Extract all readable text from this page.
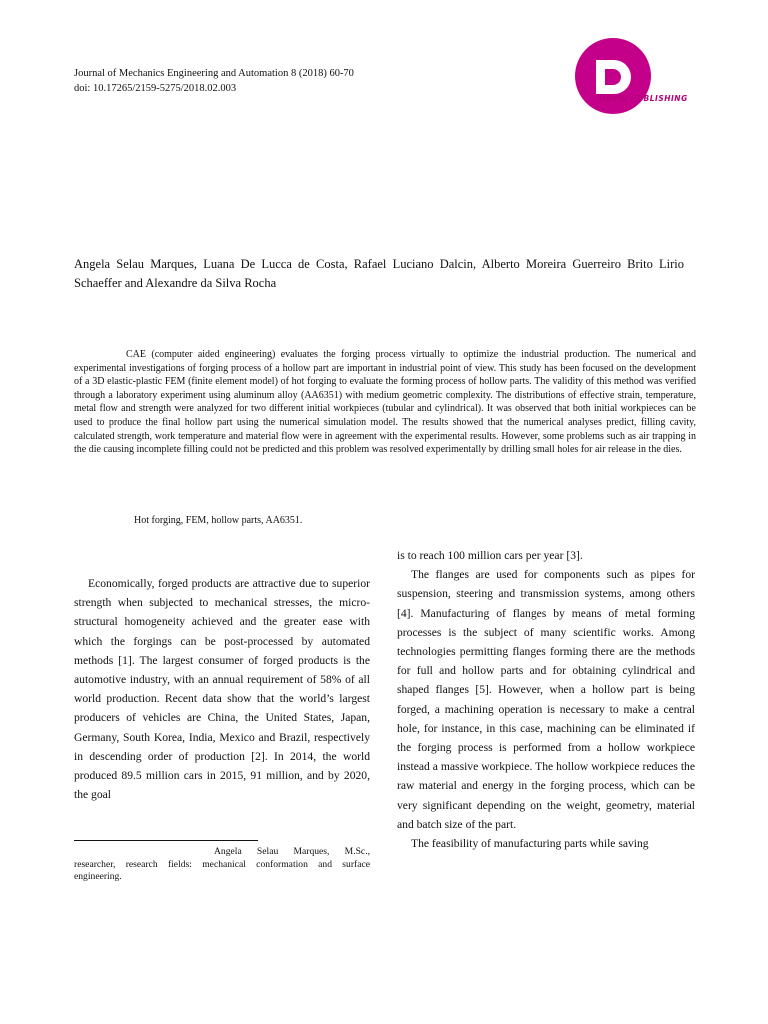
Journal of Mechanics Engineering and Automation 8 (2018) 60-70
doi: 10.17265/2159-5275/2018.02.003
DAVID PUBLISHING
Angela Selau Marques, Luana De Lucca de Costa, Rafael Luciano Dalcin, Alberto Moreira Guerreiro Brito Lirio Schaeffer and Alexandre da Silva Rocha
CAE (computer aided engineering) evaluates the forging process virtually to optimize the industrial production. The numerical and experimental investigations of forging process of a hollow part are important in industrial point of view. This study has been focused on the development of a 3D elastic-plastic FEM (finite element model) of hot forging to evaluate the forming process of hollow parts. The validity of this method was verified through a laboratory experiment using aluminum alloy (AA6351) with medium geometric complexity. The distributions of effective strain, temperature, metal flow and strength were analyzed for two different initial workpieces (tubular and cylindrical). It was observed that both initial workpieces can be used to produce the final hollow part using the numerical simulation model. The results showed that the numerical analyses predict, filling cavity, calculated strength, work temperature and material flow were in agreement with the experimental results. However, some problems such as air trapping in the die causing incomplete filling could not be predicted and this problem was resolved experimentally by drilling small holes for air release in the dies.
Hot forging, FEM, hollow parts, AA6351.
Economically, forged products are attractive due to superior strength when subjected to mechanical stresses, the micro-structural homogeneity achieved and the greater ease with which the forgings can be post-processed by automated methods [1]. The largest consumer of forged products is the automotive industry, with an annual requirement of 58% of all world production. Recent data show that the world’s largest producers of vehicles are China, the United States, Japan, Germany, South Korea, India, Mexico and Brazil, respectively in descending order of production [2]. In 2014, the world produced 89.5 million cars in 2015, 91 million, and by 2020, the goal

is to reach 100 million cars per year [3].

The flanges are used for components such as pipes for suspension, steering and transmission systems, among others [4]. Manufacturing of flanges by means of metal forming processes is the subject of many scientific works. Among technologies permitting flanges forming there are the methods for full and hollow parts and for obtaining cylindrical and shaped flanges [5]. However, when a hollow part is being forged, a machining operation is necessary to make a central hole, for instance, in this case, machining can be eliminated if the forging process is performed from a hollow workpiece instead a massive workpiece. The hollow workpiece reduces the raw material and energy in the forging process, which can be very significant depending on the weight, geometry, material and batch size of the part.

The feasibility of manufacturing parts while saving

Angela Selau Marques, M.Sc., researcher, research fields: mechanical conformation and surface engineering.
